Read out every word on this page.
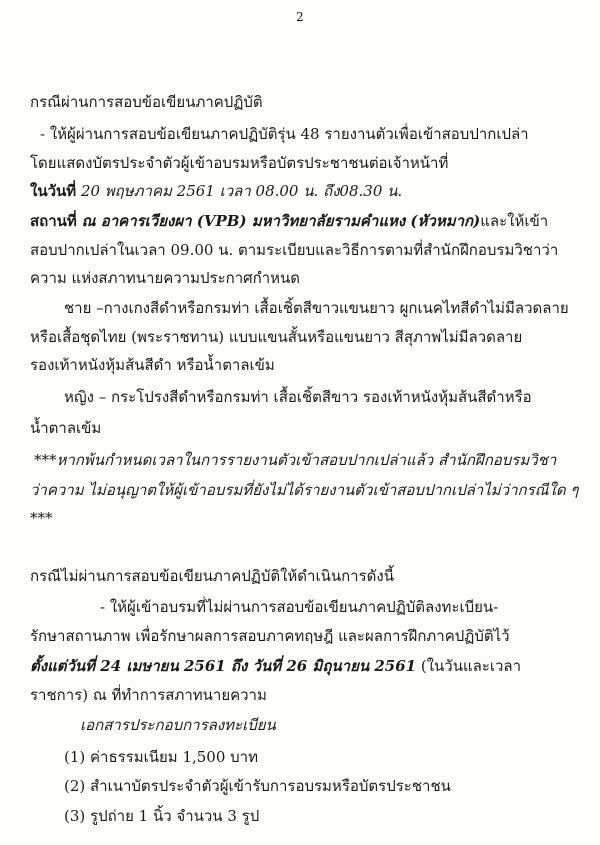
2
กรณีผ่านการสอบข้อเขียนภาคปฏิบัติ
- ให้ผู้ผ่านการสอบข้อเขียนภาคปฏิบัติรุ่น 48 รายงานตัวเพื่อเข้าสอบปากเปล่า
โดยแสดงบัตรประจำตัวผู้เข้าอบรมหรือบัตรประชาชนต่อเจ้าหน้าที่
ในวันที่ 20 พฤษภาคม 2561 เวลา 08.00 น. ถึง08.30 น.
สถานที่ ณ อาคารเวียงผา (VPB) มหาวิทยาลัยรามคำแหง (หัวหมาก)และให้เข้า
สอบปากเปล่าในเวลา 09.00 น. ตามระเบียบและวิธีการตามที่สำนักฝึกอบรมวิชาว่า
ความ แห่งสภาทนายความประกาศกำหนด
ชาย –กางเกงสีดำหรือกรมท่า เสื้อเชิ้ตสีขาวแขนยาว ผูกเนคไทสีดำไม่มีลวดลาย
หรือเสื้อชุดไทย (พระราชทาน) แบบแขนสั้นหรือแขนยาว สีสุภาพไม่มีลวดลาย
รองเท้าหนังหุ้มส้นสีดำ หรือน้ำตาลเข้ม
หญิง – กระโปรงสีดำหรือกรมท่า เสื้อเชิ้ตสีขาว รองเท้าหนังหุ้มส้นสีดำหรือ
น้ำตาลเข้ม
***หากพ้นกำหนดเวลาในการรายงานตัวเข้าสอบปากเปล่าแล้ว สำนักฝึกอบรมวิชา
ว่าความ ไม่อนุญาตให้ผู้เข้าอบรมที่ยังไม่ได้รายงานตัวเข้าสอบปากเปล่าไม่ว่ากรณีใด ๆ
***
กรณีไม่ผ่านการสอบข้อเขียนภาคปฏิบัติให้ดำเนินการดังนี้
- ให้ผู้เข้าอบรมที่ไม่ผ่านการสอบข้อเขียนภาคปฏิบัติลงทะเบียน-
รักษาสถานภาพ เพื่อรักษาผลการสอบภาคทฤษฎี และผลการฝึกภาคปฏิบัติไว้
ตั้งแต่วันที่ 24 เมษายน 2561 ถึง วันที่ 26 มิถุนายน 2561 (ในวันและเวลา
ราชการ) ณ ที่ทำการสภาทนายความ
เอกสารประกอบการลงทะเบียน
(1) ค่าธรรมเนียม 1,500 บาท
(2) สำเนาบัตรประจำตัวผู้เข้ารับการอบรมหรือบัตรประชาชน
(3) รูปถ่าย 1 นิ้ว จำนวน 3 รูป
